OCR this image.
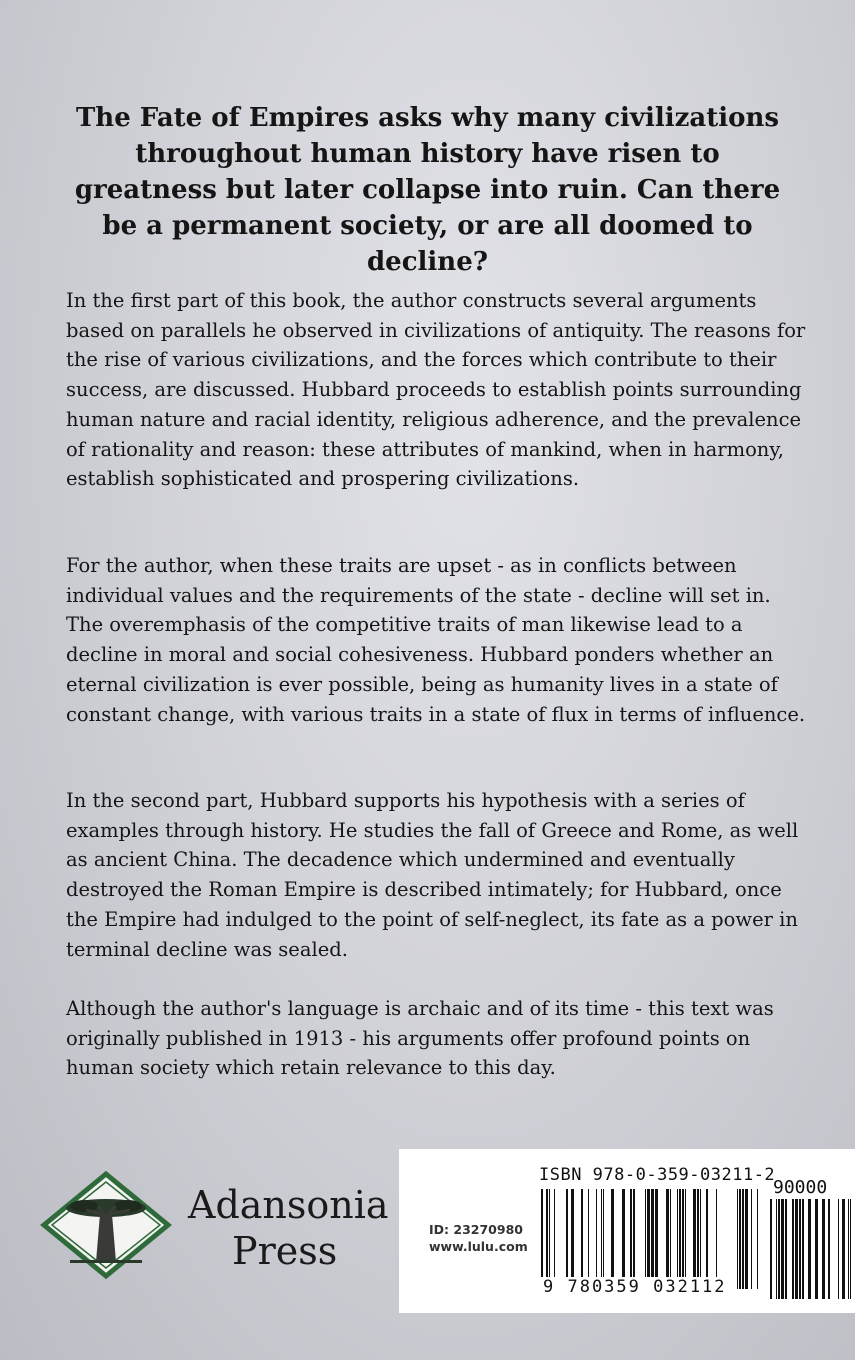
The Fate of Empires asks why many civilizations throughout human history have risen to greatness but later collapse into ruin. Can there be a permanent society, or are all doomed to decline?

In the first part of this book, the author constructs several arguments based on parallels he observed in civilizations of antiquity. The reasons for the rise of various civilizations, and the forces which contribute to their success, are discussed. Hubbard proceeds to establish points surrounding human nature and racial identity, religious adherence, and the prevalence of rationality and reason: these attributes of mankind, when in harmony, establish sophisticated and prospering civilizations.

For the author, when these traits are upset - as in conflicts between individual values and the requirements of the state - decline will set in. The overemphasis of the competitive traits of man likewise lead to a decline in moral and social cohesiveness. Hubbard ponders whether an eternal civilization is ever possible, being as humanity lives in a state of constant change, with various traits in a state of flux in terms of influence.

In the second part, Hubbard supports his hypothesis with a series of examples through history. He studies the fall of Greece and Rome, as well as ancient China. The decadence which undermined and eventually destroyed the Roman Empire is described intimately; for Hubbard, once the Empire had indulged to the point of self-neglect, its fate as a power in terminal decline was sealed.

Although the author's language is archaic and of its time - this text was originally published in 1913 - his arguments offer profound points on human society which retain relevance to this day.

Adansonia
Press
ISBN 978-0-359-03211-2
90000
ID: 23270980
www.lulu.com
9 780359 032112
